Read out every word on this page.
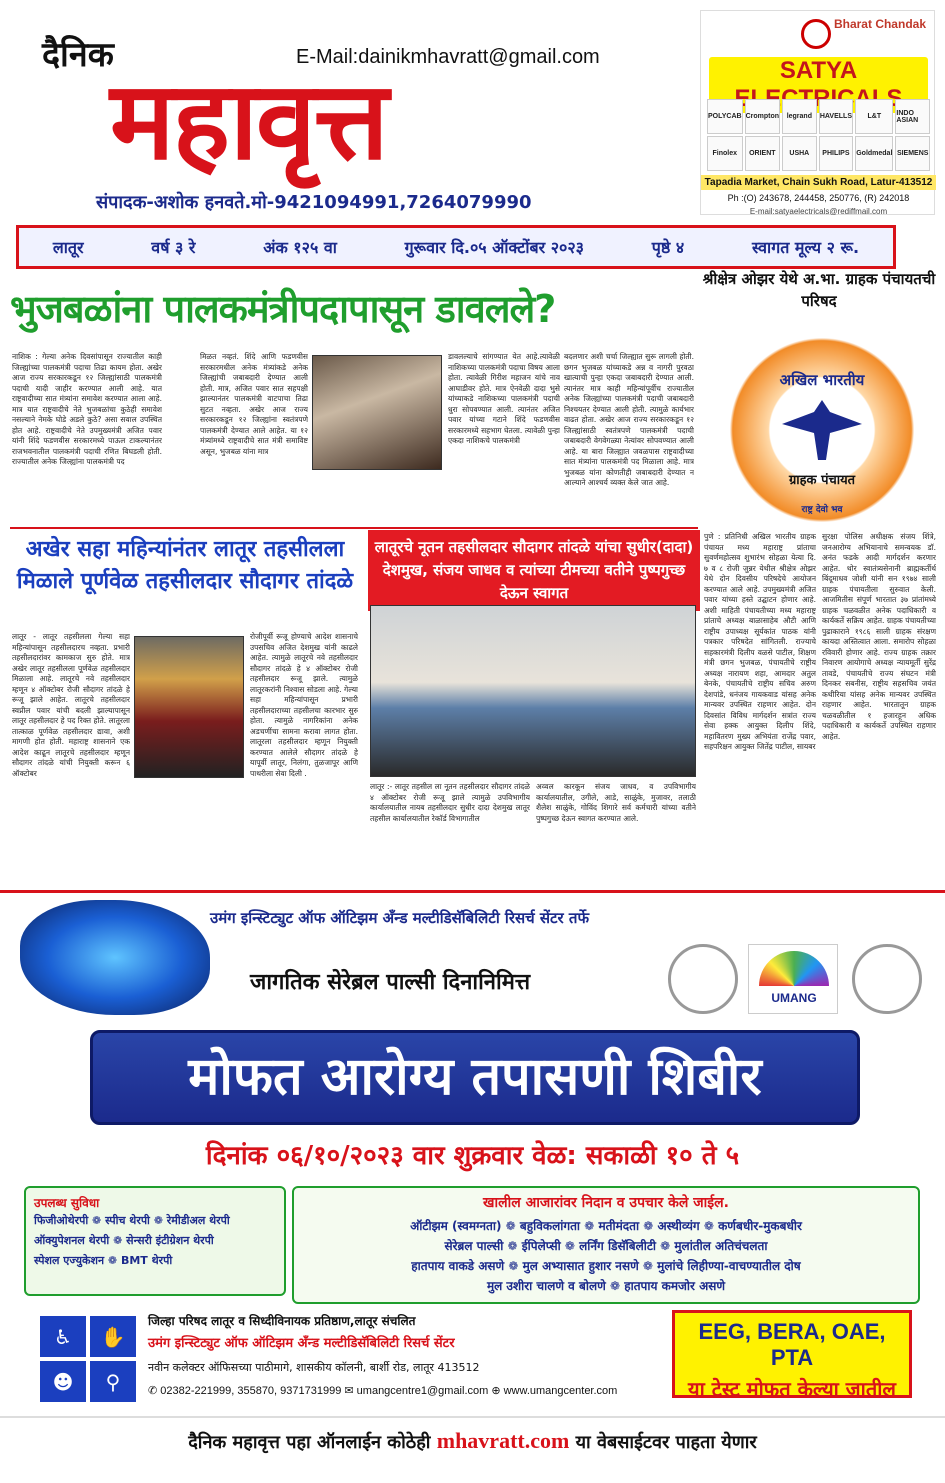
दैनिक	E-Mail:dainikmhavratt@gmail.com
महावृत्त
संपादक-अशोक हनवते.मो-9421094991,7264079990
Bharat Chandak
SATYA
POLYCAB Crompton	legrand	HAVELLS	L&T	INDO ASIAN
Finolex	ORIENT	USHA	PHILIPS Goldmedal SIEMENS
Tapadia Market, Chain Sukh Road, Latur-413512
Ph :(O) 243678, 244458, 250776, (R) 242018
E-mail:satyaelectricals@rediffmail.com
लातूर	वर्ष ३ रे	अंक १२५ वा	गुरूवार दि.०५ ऑक्टोंबर २०२३	पृष्ठे ४	स्वागत मूल्य २ रू.
भुजबळांना पालकमंत्रीपदापासून डावलले?
नाशिक : गेल्या अनेक दिवसांपासून राज्यातील काही जिल्ह्यांच्या पालकमंत्री पदाचा तिढा कायम होता. अखेर आज राज्य सरकारकडून १२ जिल्ह्यांसाठी पालकमंत्री पदाची यादी जाहीर करण्यात आली आहे. यात राष्ट्रवादीच्या सात मंत्र्यांना समावेश करण्यात आला आहे. मात्र यात राष्ट्रवादीचे नेते भुजबळांचा कुठेही समावेश नसल्याने नेमके घोडे अडले कुठे? असा सवाल उपस्थित होत आहे. राष्ट्रवादीचे नेते उपमुख्यमंत्री अजित पवार यांनी शिंदे फडणवीस सरकारमध्ये पाऊल टाकल्यानंतर राजभवनातील पालकमंत्री पदाची रणित बिघडली होती. राज्यातील अनेक जिल्ह्यांना पालकमंत्री पद
मिळत नव्हतं. शिंदे आणि फडणवीस सरकारमधील अनेक मंत्र्यांकडे अनेक जिल्ह्यांची जबाबदारी देण्यात आली होती. मात्र, अजित पवार सात सहपक्षी झाल्यानंतर पालकमंत्री वाटपाचा तिढा सुटत नव्हता. अखेर आज राज्य सरकारकडून १२ जिल्ह्यांना स्वतंत्रपणे पालकमंत्री देण्यात आले आहेत. या १२ मंत्र्यांमध्ये राष्ट्रवादीचे सात मंत्री समाविष्ट असून, भुजबळ यांना मात्र
डावलल्याचे सांगण्यात येत आहे.त्यावेळी नाशिकच्या पालकमंत्री पदाचा विषय आला होता. त्यावेळी गिरीश महाजन यांचे नाव आघाडीवर होते. मात्र ऐनवेळी दादा भुसे यांच्याकडे नाशिकच्या पालकमंत्री पदाची धुरा सोपवण्यात आली. त्यानंतर अजित पवार यांच्या गटाने शिंदे फडणवीस सरकारमध्ये सहभाग घेतला. त्यावेळी पुन्हा एकदा नाशिकचे पालकमंत्री
बदलणार अशी चर्चा जिल्ह्यात सुरू लागली होती. छगन भुजबळ यांच्याकडे अन्न व नागरी पुरवठा खात्याची पुन्हा एकदा जबाबदारी देण्यात आली. त्यानंतर मात्र काही महिन्यांपूर्वीच राज्यातील अनेक जिल्ह्यांच्या पालकमंत्री पदाची जबाबदारी निश्चयतर देण्यात आली होती. त्यामुळे कार्यभार वाढत होता. अखेर आज राज्य सरकारकडून १२ जिल्ह्यांसाठी स्वतंत्रपणे पालकमंत्री पदाची जबाबदारी वेगवेगळ्या नेत्यांवर सोपवण्यात आली आहे. या बारा जिल्ह्यात जवळपास राष्ट्रवादीच्या सात मंत्र्यांना पालकमंत्री पद मिळाला आहे. मात्र भुजबळ यांना कोणतीही जबाबदारी देण्यात न आल्याने आश्चर्य व्यक्त केले जात आहे.
श्रीक्षेत्र ओझर येथे अ.भा. ग्राहक पंचायतची परिषद
अखिल भारतीय
ग्राहक पंचायत
राष्ट्र देवो भव
पुणे : प्रतिनिधी अखिल भारतीय ग्राहक पंचायत मध्य महाराष्ट्र प्रांताचा सुवर्णमहोत्सव शुभारंभ सोहळा येत्या दि. ७ व ८ रोजी जुन्नर येथील श्रीक्षेत्र ओझर येथे दोन दिवसीय परिषदेचे आयोजन करण्यात आले आहे. उपमुख्यमंत्री अजित पवार यांच्या हस्ते उद्घाटन होणार आहे. अशी माहिती पंचायतीच्या मध्य महाराष्ट्र प्रांताचे अध्यक्ष बाळासाहेब औटी आणि राष्ट्रीय उपाध्यक्ष सूर्यकांत पाठक यांनी पत्रकार परिषदेत सांगितली. राज्याचे सहकारमंत्री दिलीप वळसे पाटील, शिक्षण मंत्री छगन भुजबळ, पंचायतीचे राष्ट्रीय अध्यक्ष नारायण शहा, आमदार अतुल बेनके, पंचायतीचे राष्ट्रीय सचिव अरुण देशपांडे, धनंजय गायकवाड यांसह अनेक मान्यवर उपस्थित राहणार आहेत. दोन दिवसांत विविध मार्गदर्शन सत्रांत राज्य सेवा हक्क आयुक्त दिलीप शिंदे, महावितरण मुख्य अभियंता राजेंद्र पवार, सहपरिक्षन आयुक्त जितेंद्र पाटील, सायबर
सुरक्षा पोलिस अधीक्षक संजय शिंत्रे, जनआरोग्य अभियानाचे समन्वयक डॉ. अनंत फडके आदी मार्गदर्शन करणार आहेत. थोर स्वातंत्र्यसेनानी ब्राह्मकर्तीर्थ बिंदूमाधव जोशी यांनी सन १९७४ साली ग्राहक पंचायतीला सुरुवात केली. आजमितीस संपूर्ण भारतात ३७ प्रांतांमध्ये ग्राहक चळवळीत अनेक पदाधिकारी व कार्यकर्ते सक्रिय आहेत. ग्राहक पंचायतीच्या पुढाकाराने १९८६ साली ग्राहक संरक्षण कायदा अस्तित्वात आला. समारोप सोहळा रविवारी होणार आहे. राज्य ग्राहक तक्रार निवारण आयोगाचे अध्यक्ष न्यायमूर्ती सुरेंद्र तावडे, पंचायतीचे राज्य संघटन मंत्री दिनकर सबनीस, राष्ट्रीय सहसचिव जयंत कथीरिया यांसह अनेक मान्यवर उपस्थित राहणार आहेत. भारतातून ग्राहक चळवळीतील १ हजारहून अधिक पदाधिकारी व कार्यकर्ते उपस्थित राहणार आहेत.
अखेर सहा महिन्यांनंतर लातूर तहसीलला मिळाले पूर्णवेळ तहसीलदार सौदागर तांदळे
लातूर - लातूर तहसीलला गेल्या सहा महिन्यांपासून तहसीलदारच नव्हता. प्रभारी तहसीलदारांवर कामकाज सुरु होते. मात्र अखेर लातूर तहसीलला पूर्णवेळ तहसीलदार मिळाला आहे. लातूरचे नवे तहसीलदार म्हणून ४ ऑक्टोबर रोजी सौदागर तांदळे हे रूजू झाले आहेत. लातूरचे तहसीलदार स्वप्नील पवार यांची बदली झाल्यापासून लातूर तहसीलदार हे पद रिक्त होते. लातूरला तात्काळ पूर्णवेळ तहसीलदार द्यावा, अशी मागणी होत होती. महाराष्ट्र शासनाने एक आदेश काढून लातूरचे तहसीलदार म्हणून सौदागर तांदळे यांची नियुक्ती करून ६ ऑक्टोबर
रोजीपूर्वी रूजू होण्याचे आदेश शासनाचे उपसचिव अजित देशमुख यांनी काढले आहेत. त्यामुळे लातूरचे नवे तहसीलदार सौदागर तांदळे हे ४ ऑक्टोबर रोजी तहसीलदार रूजू झाले. त्यामुळे लातूरकरांनी निश्वास सोडला आहे. गेल्या सहा महिन्यांपासून प्रभारी तहसीलदाराच्या तहसीलचा कारभार सुरु होता. त्यामुळे नागरिकांना अनेक अडचणींचा सामना करावा लागत होता. लातूरला तहसीलदार म्हणून नियुक्ती करण्यात आलेले सौदागर तांदळे हे यापूर्वी लातूर, निलंगा, तुळजापूर आणि पाथरीला सेवा दिली .
लातूरचे नूतन तहसीलदार सौदागर तांदळे यांचा सुधीर(दादा) देशमुख, संजय जाधव व त्यांच्या टीमच्या वतीने पुष्पगुच्छ देऊन स्वागत
लातूर :- लातूर तहसील ला नूतन तहसीलदार सौदागर तांदळे ४ ऑक्टोबर रोजी रूजू झाले त्यामुळे उपविभागीय कार्यालयातील नायब तहसीलदार सुधीर दादा देशमुख लातूर तहसील कार्यालयातील रेकॉर्ड विभागातील
अव्वल कारकून संजय जाधव, व उपविभागीय कार्यालयातील, उगीले, आडे, साळुंके, मुजावर, तलाठी शैलेश साळुंके, गोविंद शिगारे सर्व कर्मचारी यांच्या वतीने पुष्पगुच्छ देऊन स्वागत करण्यात आले.
उमंग इन्स्टिट्युट ऑफ ऑटिझम अँन्ड मल्टीडिसॅबिलिटी रिसर्च सेंटर तर्फे
जागतिक सेरेब्रल पाल्सी दिनानिमित्त
UMANG
मोफत आरोग्य तपासणी शिबीर
दिनांक ०६/१०/२०२३ वार शुक्रवार वेळ: सकाळी १० ते ५
उपलब्ध सुविधा
फिजीओथेरपी ❁ स्पीच थेरपी ❁ रेमीडीअल थेरपी
ऑक्युपेशनल थेरपी ❁ सेन्सरी इंटीग्रेशन थेरपी
स्पेशल एज्युकेशन ❁ BMT थेरपी
खालील आजारांवर निदान व उपचार केले जाईल.
ऑटीझम (स्वमग्नता) ❁ बहुविकलांगता ❁ मतीमंदता ❁ अस्थीव्यंग ❁ कर्णबधीर-मुकबधीर
सेरेब्रल पाल्सी ❁ ईपिलेप्सी ❁ लर्निंग डिसॅबिलीटी ❁ मुलांतील अतिचंचलता
हातपाय वाकडे असणे ❁ मुल अभ्यासात हुशार नसणे ❁ मुलांचे लिहीण्या-वाचण्यातील दोष
मुल उशीरा चालणे व बोलणे ❁ हातपाय कमजोर असणे
♿	✋
☻	⚲
जिल्हा परिषद लातूर व सिध्दीविनायक प्रतिष्ठाण,लातूर संचलित
उमंग इन्स्टिट्युट ऑफ ऑटिझम अँन्ड मल्टीडिसॅबिलिटी रिसर्च सेंटर
नवीन कलेक्टर ऑफिसच्या पाठीमागे, शासकीय कॉलनी, बार्शी रोड, लातूर 413512
✆ 02382-221999, 355870, 9371731999 ✉ umangcentre1@gmail.com ⊕ www.umangcenter.com
EEG, BERA, OAE, PTA
या टेस्ट मोफत केल्या जातील
दैनिक महावृत्त पहा ऑनलाईन कोठेही mhavratt.com या वेबसाईटवर पाहता येणार
